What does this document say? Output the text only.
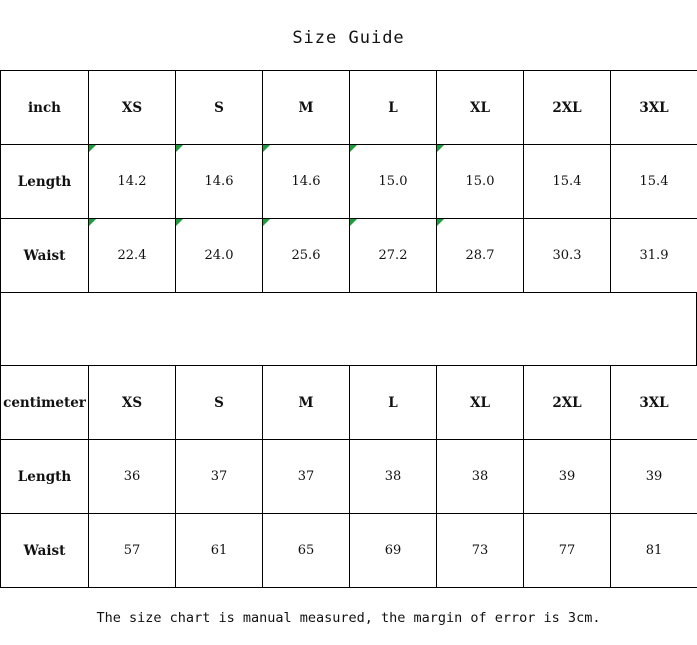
Size Guide
inch	XS	S	M	L	XL	2XL	3XL
Length	14.2	14.6	14.6	15.0	15.0	15.4	15.4
Waist	22.4	24.0	25.6	27.2	28.7	30.3	31.9
centimeter	XS	S	M	L	XL	2XL	3XL
Length	36	37	37	38	38	39	39
Waist	57	61	65	69	73	77	81
The size chart is manual measured, the margin of error is 3cm.
